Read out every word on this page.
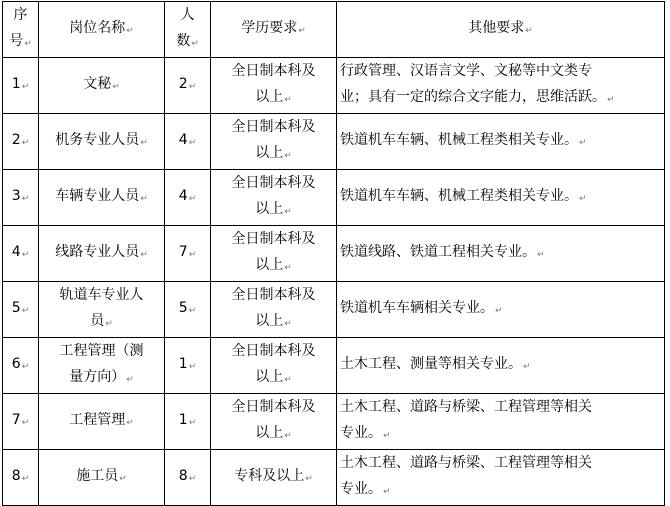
序
号↵	岗位名称↵	人
数↵	学历要求↵	其他要求↵
1↵	文秘↵	2↵	全日制本科及
以上↵	行政管理、汉语言文学、文秘等中文类专
业；具有一定的综合文字能力，思维活跃。↵
2↵	机务专业人员↵	4↵	全日制本科及
以上↵	铁道机车车辆、机械工程类相关专业。↵
3↵	车辆专业人员↵	4↵	全日制本科及
以上↵	铁道机车车辆、机械工程类相关专业。↵
4↵	线路专业人员↵	7↵	全日制本科及
以上↵	铁道线路、铁道工程相关专业。↵
5↵	轨道车专业人
员↵	5↵	全日制本科及
以上↵	铁道机车车辆相关专业。↵
6↵	工程管理（测
量方向）↵	1↵	全日制本科及
以上↵	土木工程、测量等相关专业。↵
7↵	工程管理↵	1↵	全日制本科及
以上↵	土木工程、道路与桥梁、工程管理等相关
专业。↵
8↵	施工员↵	8↵	专科及以上↵	土木工程、道路与桥梁、工程管理等相关
专业。↵
